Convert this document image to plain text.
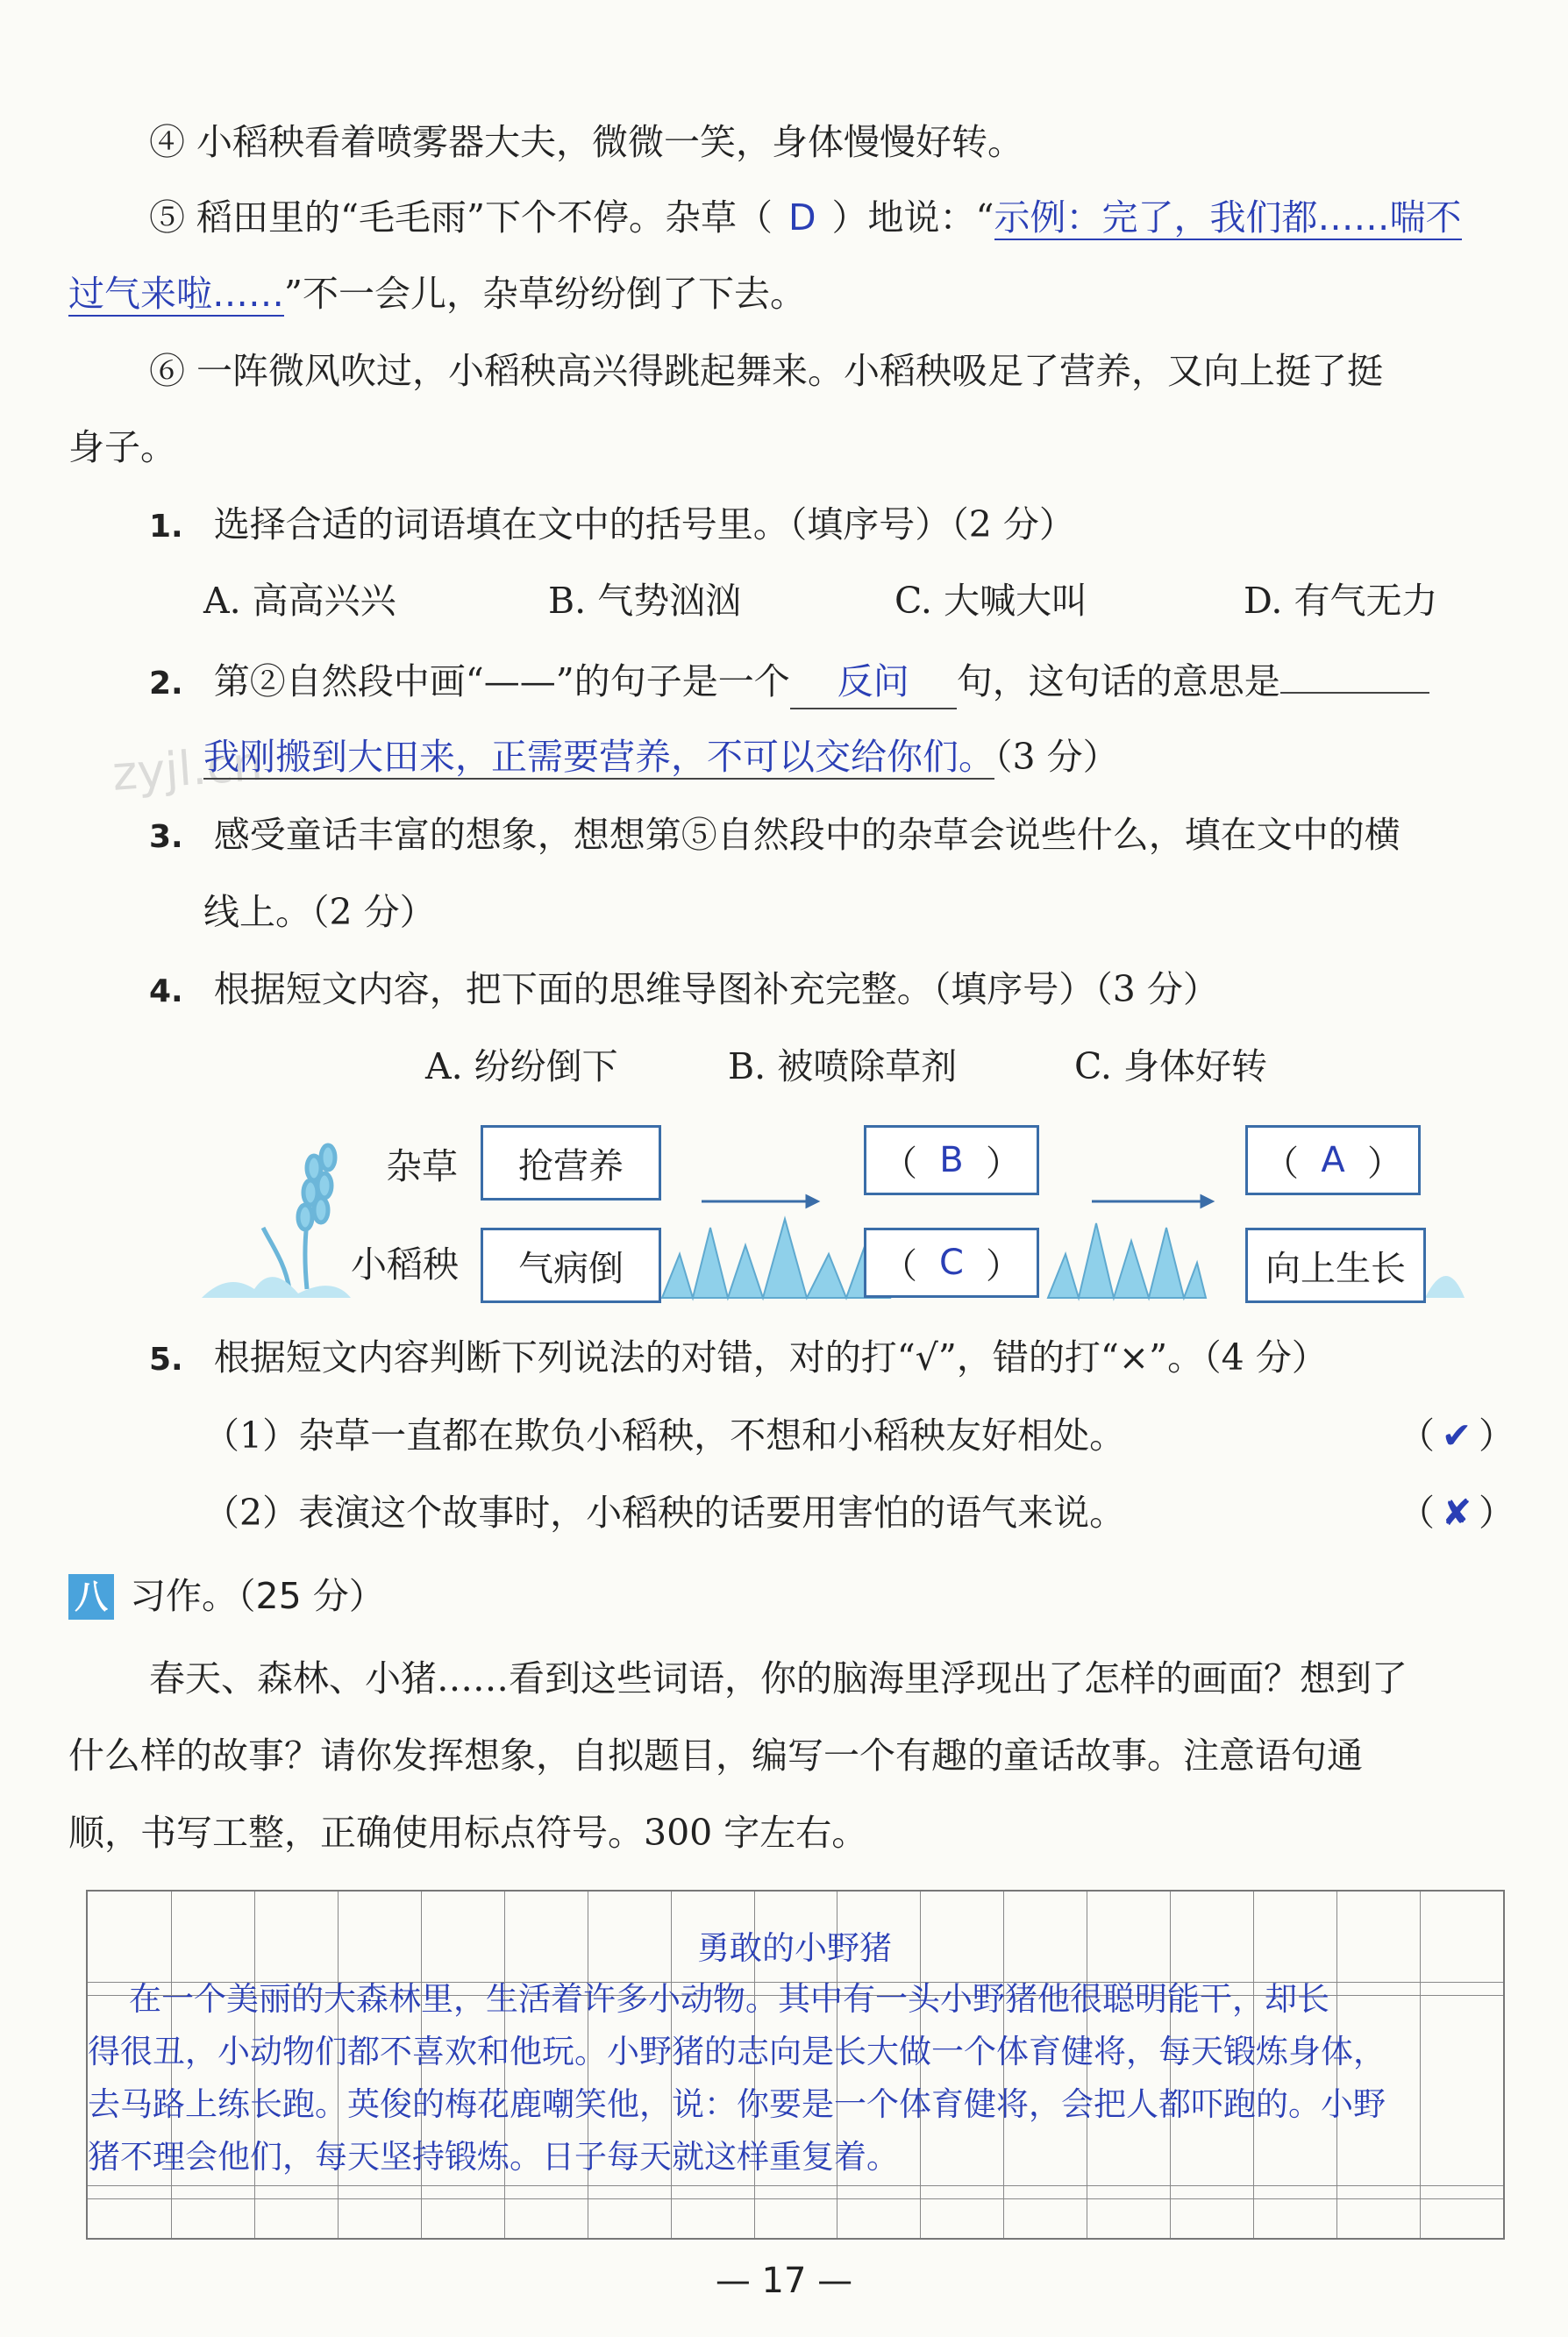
④ 小稻秧看着喷雾器大夫，微微一笑，身体慢慢好转。
⑤ 稻田里的“毛毛雨”下个不停。杂草（ D ）地说：“示例：完了，我们都……喘不
过气来啦……”不一会儿，杂草纷纷倒了下去。
⑥ 一阵微风吹过，小稻秧高兴得跳起舞来。小稻秧吸足了营养，又向上挺了挺
身子。
1. 选择合适的词语填在文中的括号里。（填序号）（2 分）
A. 高高兴兴	B. 气势汹汹	C. 大喊大叫	D. 有气无力
2. 第②自然段中画“——”的句子是一个 反问 句，这句话的意思是
zyjl.cn
我刚搬到大田来，正需要营养，不可以交给你们。（3 分）
3. 感受童话丰富的想象，想想第⑤自然段中的杂草会说些什么，填在文中的横
线上。（2 分）
4. 根据短文内容，把下面的思维导图补充完整。（填序号）（3 分）
A. 纷纷倒下	B. 被喷除草剂	C. 身体好转
杂草
小稻秧
抢营养
气病倒
（ B ）
（ C ）
（ A ）
向上生长
5. 根据短文内容判断下列说法的对错，对的打“√”，错的打“×”。（4 分）
（1）杂草一直都在欺负小稻秧，不想和小稻秧友好相处。	（ ✔ ）
（2）表演这个故事时，小稻秧的话要用害怕的语气来说。	（ ✘ ）
八 习作。（25 分）
春天、森林、小猪……看到这些词语，你的脑海里浮现出了怎样的画面？想到了
什么样的故事？请你发挥想象，自拟题目，编写一个有趣的童话故事。注意语句通
顺，书写工整，正确使用标点符号。300 字左右。
勇敢的小野猪
在一个美丽的大森林里，生活着许多小动物。其中有一头小野猪他很聪明能干，却长
得很丑，小动物们都不喜欢和他玩。小野猪的志向是长大做一个体育健将，每天锻炼身体，
去马路上练长跑。英俊的梅花鹿嘲笑他，说：你要是一个体育健将，会把人都吓跑的。小野
猪不理会他们，每天坚持锻炼。日子每天就这样重复着。
— 17 —
